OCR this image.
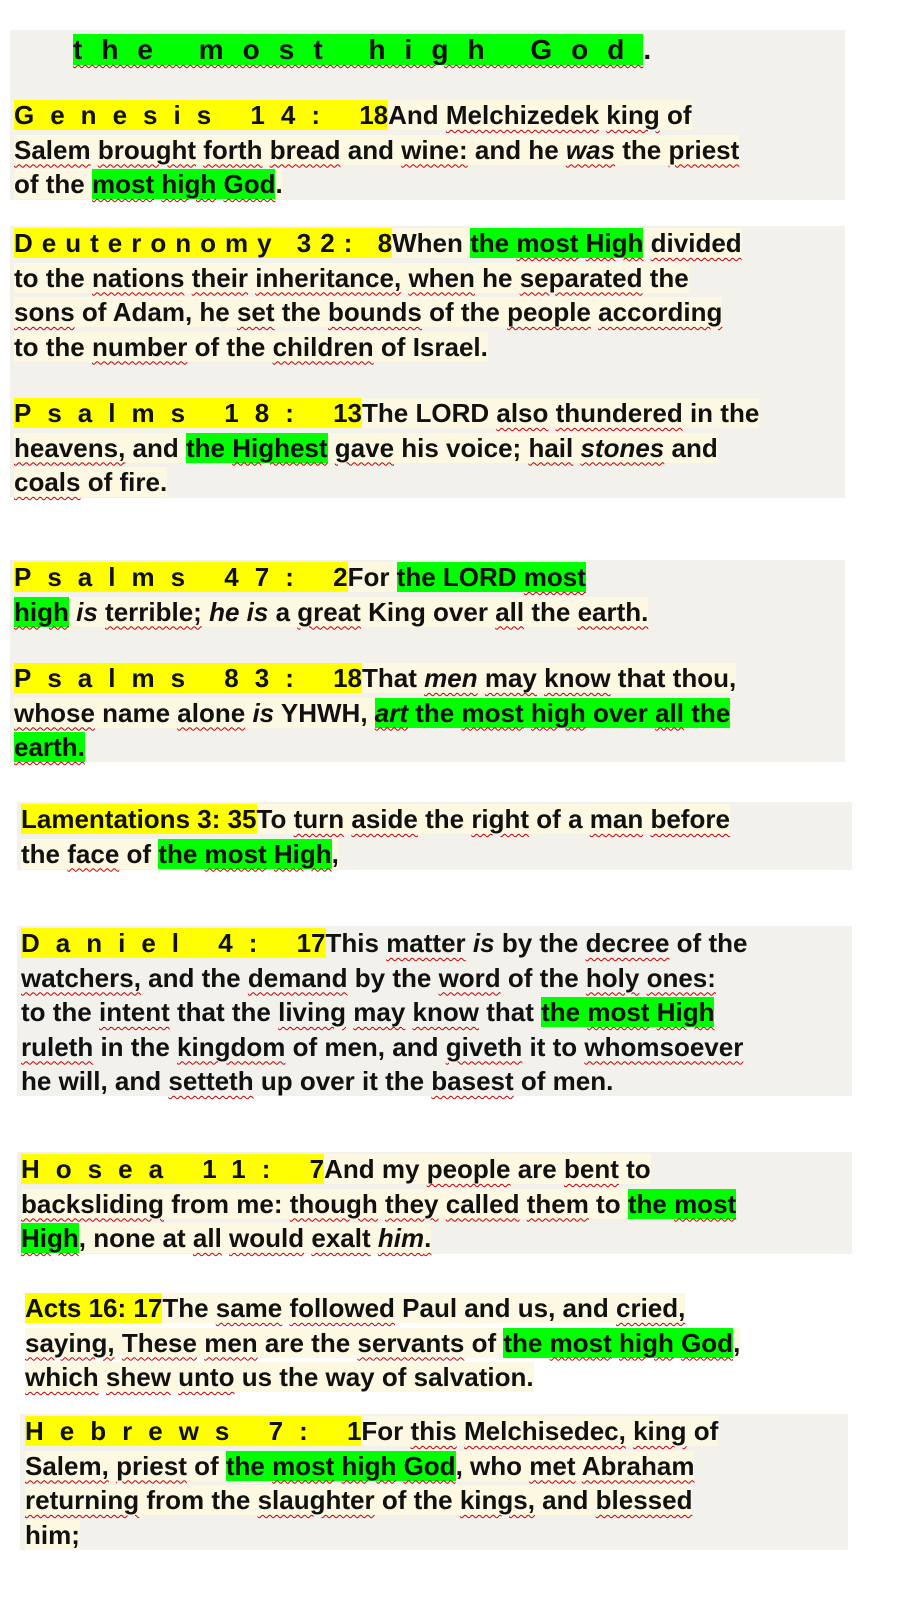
the most high God.

Genesis 14: 18And Melchizedek king of
Salem brought forth bread and wine: and he was the priest
of the most high God.

Deuteronomy 32: 8When the most High divided
to the nations their inheritance, when he separated the
sons of Adam, he set the bounds of the people according
to the number of the children of Israel.

Psalms 18: 13The LORD also thundered in the
heavens, and the Highest gave his voice; hail stones and
coals of fire.

Psalms 47: 2For the LORD most
high is terrible; he is a great King over all the earth.

Psalms 83: 18That men may know that thou,
whose name alone is YHWH, art the most high over all the
earth.

Lamentations 3: 35To turn aside the right of a man before
the face of the most High,

Daniel 4: 17This matter is by the decree of the
watchers, and the demand by the word of the holy ones:
to the intent that the living may know that the most High
ruleth in the kingdom of men, and giveth it to whomsoever
he will, and setteth up over it the basest of men.

Hosea 11: 7And my people are bent to
backsliding from me: though they called them to the most
High, none at all would exalt him.

Acts 16: 17The same followed Paul and us, and cried,
saying, These men are the servants of the most high God,
which shew unto us the way of salvation.

Hebrews 7: 1For this Melchisedec, king of
Salem, priest of the most high God, who met Abraham
returning from the slaughter of the kings, and blessed
him;
